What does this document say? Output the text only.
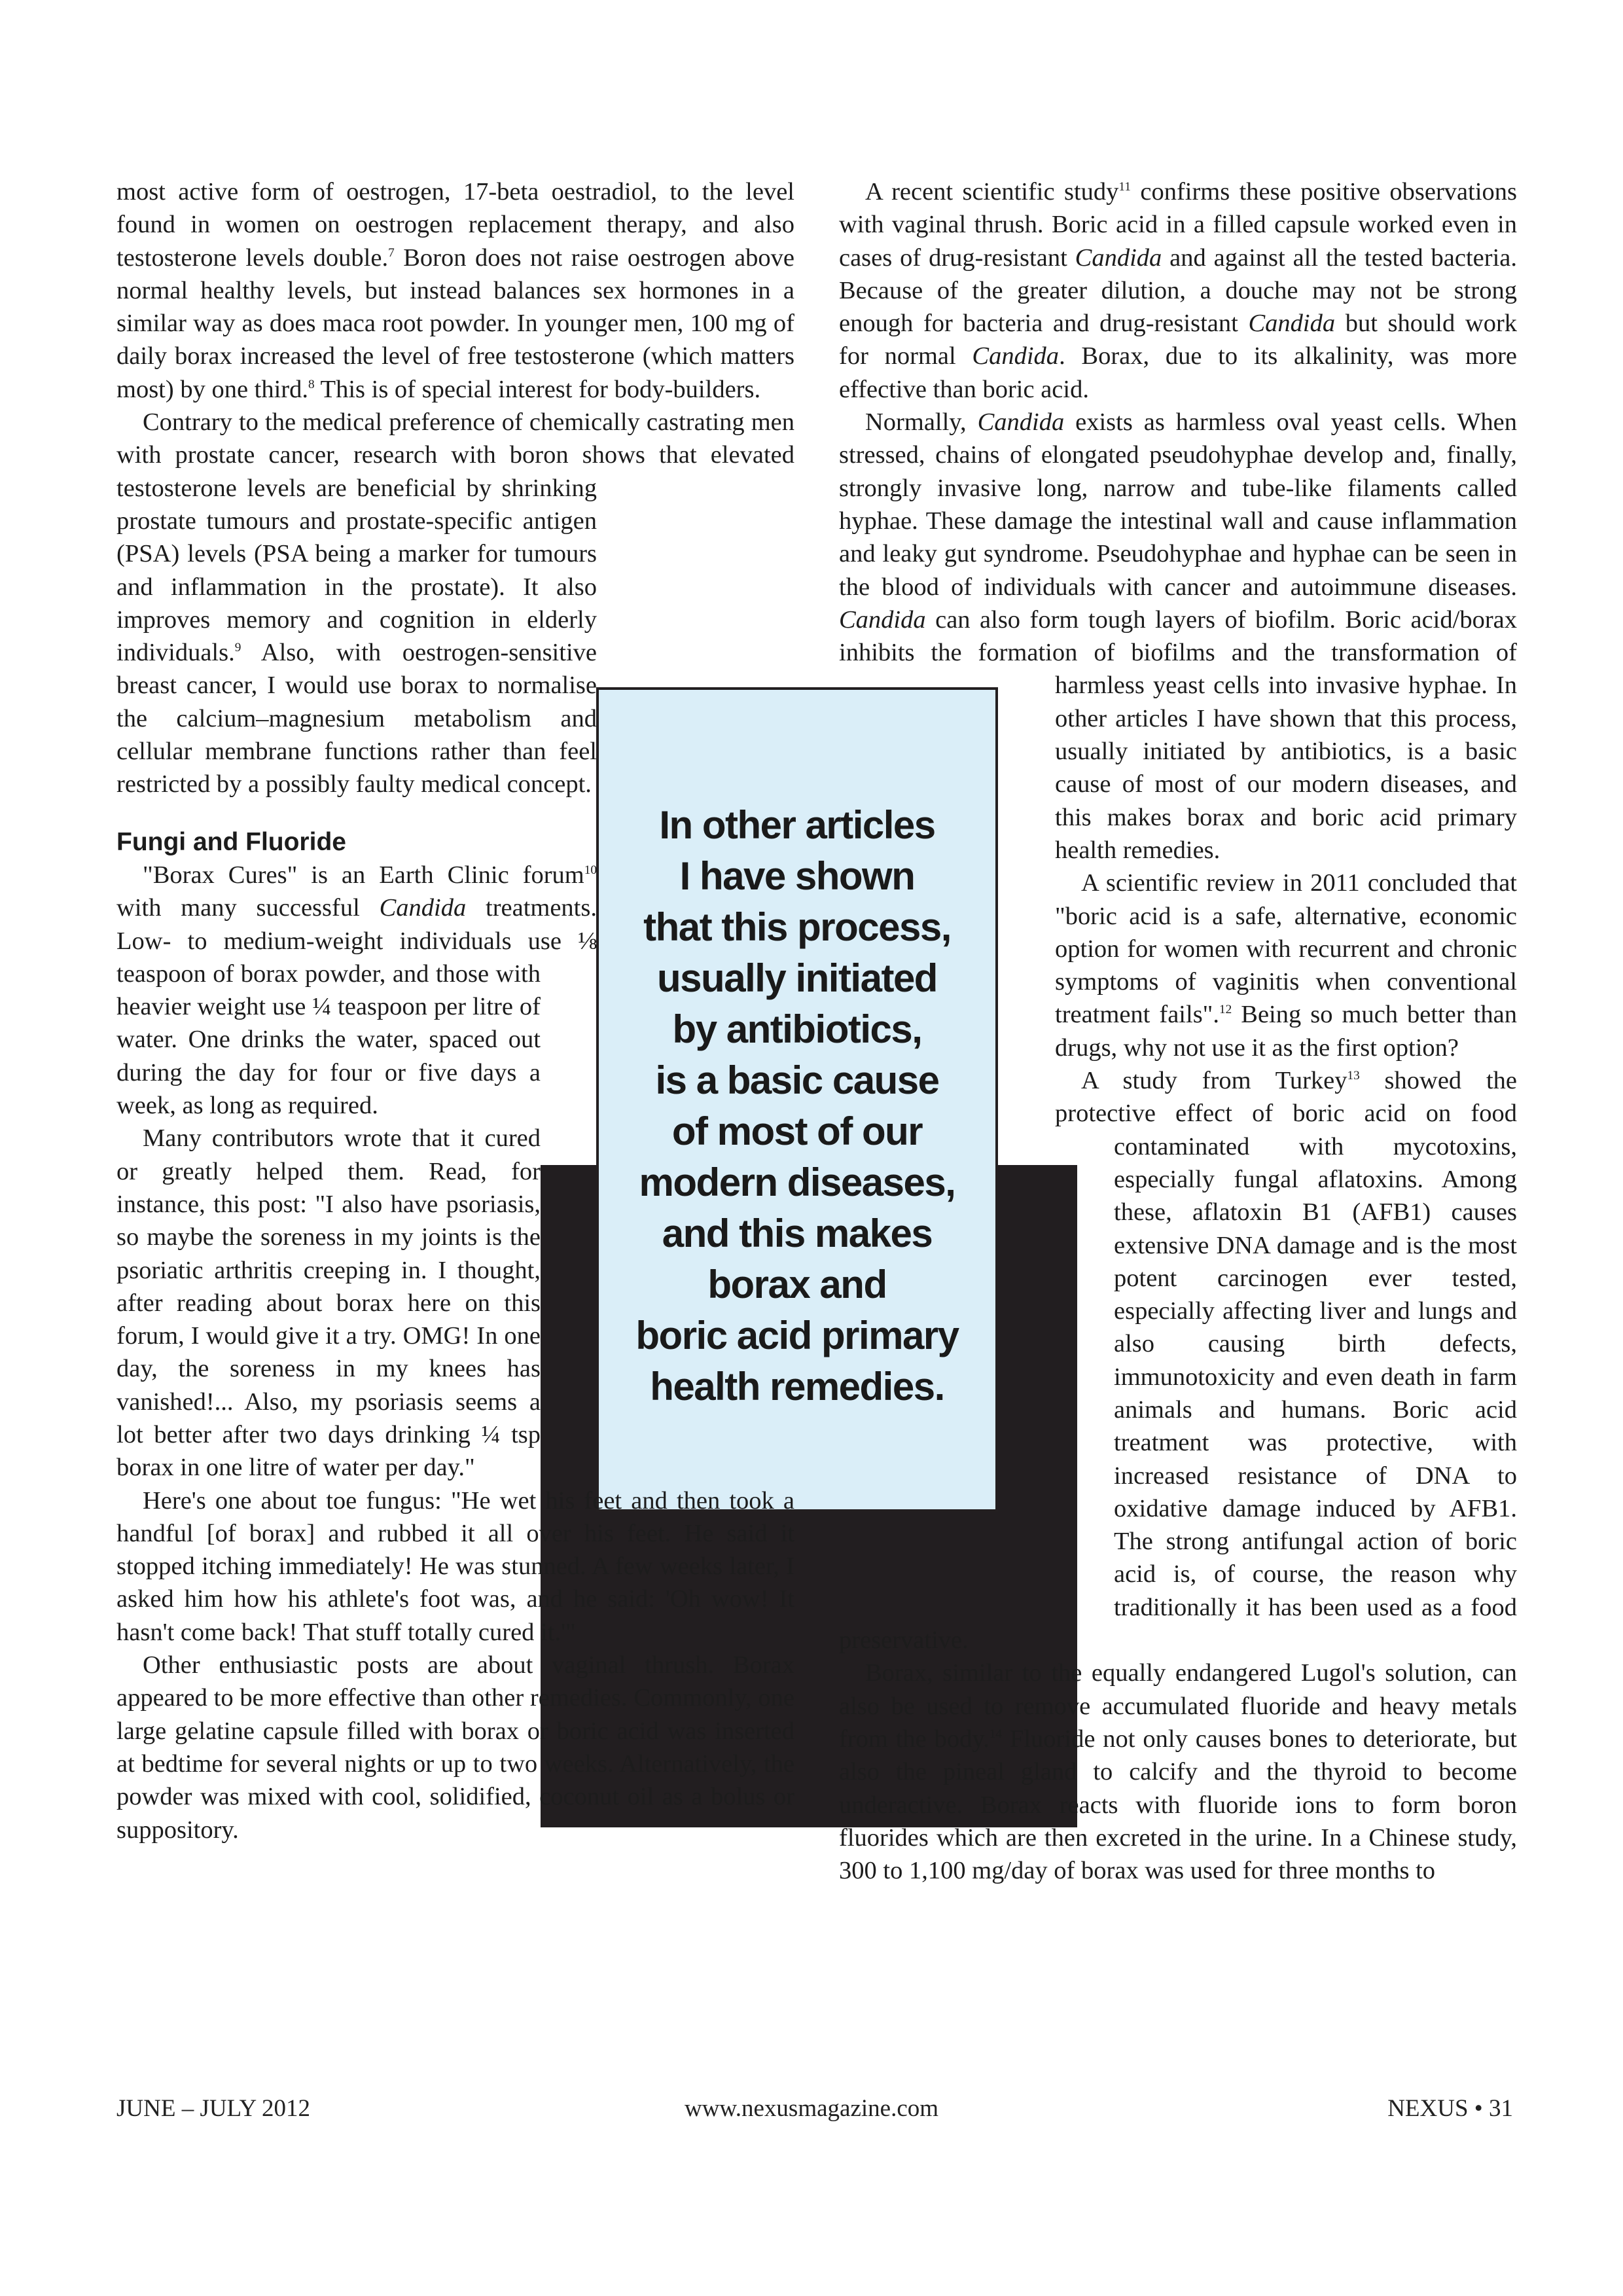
In other articles
I have shown
that this process,
usually initiated
by antibiotics,
is a basic cause
of most of our
modern diseases,
and this makes
borax and
boric acid primary
health remedies.

most active form of oestrogen, 17-beta oestradiol, to the level found in women on oestrogen replacement therapy, and also testosterone levels double.$^7$ Boron does not raise oestrogen above normal healthy levels, but instead balances sex hormones in a similar way as does maca root powder. In younger men, 100 mg of daily borax increased the level of free testosterone (which matters most) by one third.$^8$ This is of special interest for body-builders.

Contrary to the medical preference of chemically castrating men with prostate cancer, research with boron shows that elevated testosterone levels are beneficial by shrinking prostate tumours and prostate-specific antigen (PSA) levels (PSA being a marker for tumours and inflammation in the prostate). It also improves memory and cognition in elderly individuals.$^9$ Also, with oestrogen-sensitive breast cancer, I would use borax to normalise the calcium–magnesium metabolism and cellular membrane functions rather than feel restricted by a possibly faulty medical concept.

Fungi and Fluoride

"Borax Cures" is an Earth Clinic forum$^{10}$ with many successful Candida treatments. Low- to medium-weight individuals use ⅛ teaspoon of borax powder, and those with heavier weight use ¼ teaspoon per litre of water. One drinks the water, spaced out during the day for four or five days a week, as long as required.

Many contributors wrote that it cured or greatly helped them. Read, for instance, this post: "I also have psoriasis, so maybe the soreness in my joints is the psoriatic arthritis creeping in. I thought, after reading about borax here on this forum, I would give it a try. OMG! In one day, the soreness in my knees has vanished!... Also, my psoriasis seems a lot better after two days drinking ¼ tsp borax in one litre of water per day."

Here's one about toe fungus: "He wet his feet and then took a handful [of borax] and rubbed it all over his feet. He said it stopped itching immediately! He was stunned. A few weeks later, I asked him how his athlete's foot was, and he said: 'Oh wow! It hasn't come back! That stuff totally cured it.'"

Other enthusiastic posts are about vaginal thrush. Borax appeared to be more effective than other remedies. Commonly, one large gelatine capsule filled with borax or boric acid was inserted at bedtime for several nights or up to two weeks. Alternatively, the powder was mixed with cool, solidified, coconut oil as a bolus or suppository.

A recent scientific study$^{11}$ confirms these positive observations with vaginal thrush. Boric acid in a filled capsule worked even in cases of drug-resistant Candida and against all the tested bacteria. Because of the greater dilution, a douche may not be strong enough for bacteria and drug-resistant Candida but should work for normal Candida. Borax, due to its alkalinity, was more effective than boric acid.

Normally, Candida exists as harmless oval yeast cells. When stressed, chains of elongated pseudohyphae develop and, finally, strongly invasive long, narrow and tube-like filaments called hyphae. These damage the intestinal wall and cause inflammation and leaky gut syndrome. Pseudohyphae and hyphae can be seen in the blood of individuals with cancer and autoimmune diseases. Candida can also form tough layers of biofilm. Boric acid/borax inhibits the formation of biofilms and the transformation of harmless yeast cells into invasive hyphae. In other articles I have shown that this process, usually initiated by antibiotics, is a basic cause of most of our modern diseases, and this makes borax and boric acid primary health remedies.

A scientific review in 2011 concluded that "boric acid is a safe, alternative, economic option for women with recurrent and chronic symptoms of vaginitis when conventional treatment fails".$^{12}$ Being so much better than drugs, why not use it as the first option?

A study from Turkey$^{13}$ showed the protective effect of boric acid on food contaminated with mycotoxins, especially fungal aflatoxins. Among these, aflatoxin B1 (AFB1) causes extensive DNA damage and is the most potent carcinogen ever tested, especially affecting liver and lungs and also causing birth defects, immunotoxicity and even death in farm animals and humans. Boric acid treatment was protective, with increased resistance of DNA to oxidative damage induced by AFB1. The strong antifungal action of boric acid is, of course, the reason why traditionally it has been used as a food preservative.

Borax, similar to the equally endangered Lugol's solution, can also be used to remove accumulated fluoride and heavy metals from the body.$^{14}$ Fluoride not only causes bones to deteriorate, but also the pineal gland to calcify and the thyroid to become underactive. Borax reacts with fluoride ions to form boron fluorides which are then excreted in the urine. In a Chinese study, 300 to 1,100 mg/day of borax was used for three months to

JUNE – JULY 2012	www.nexusmagazine.com	NEXUS • 31
